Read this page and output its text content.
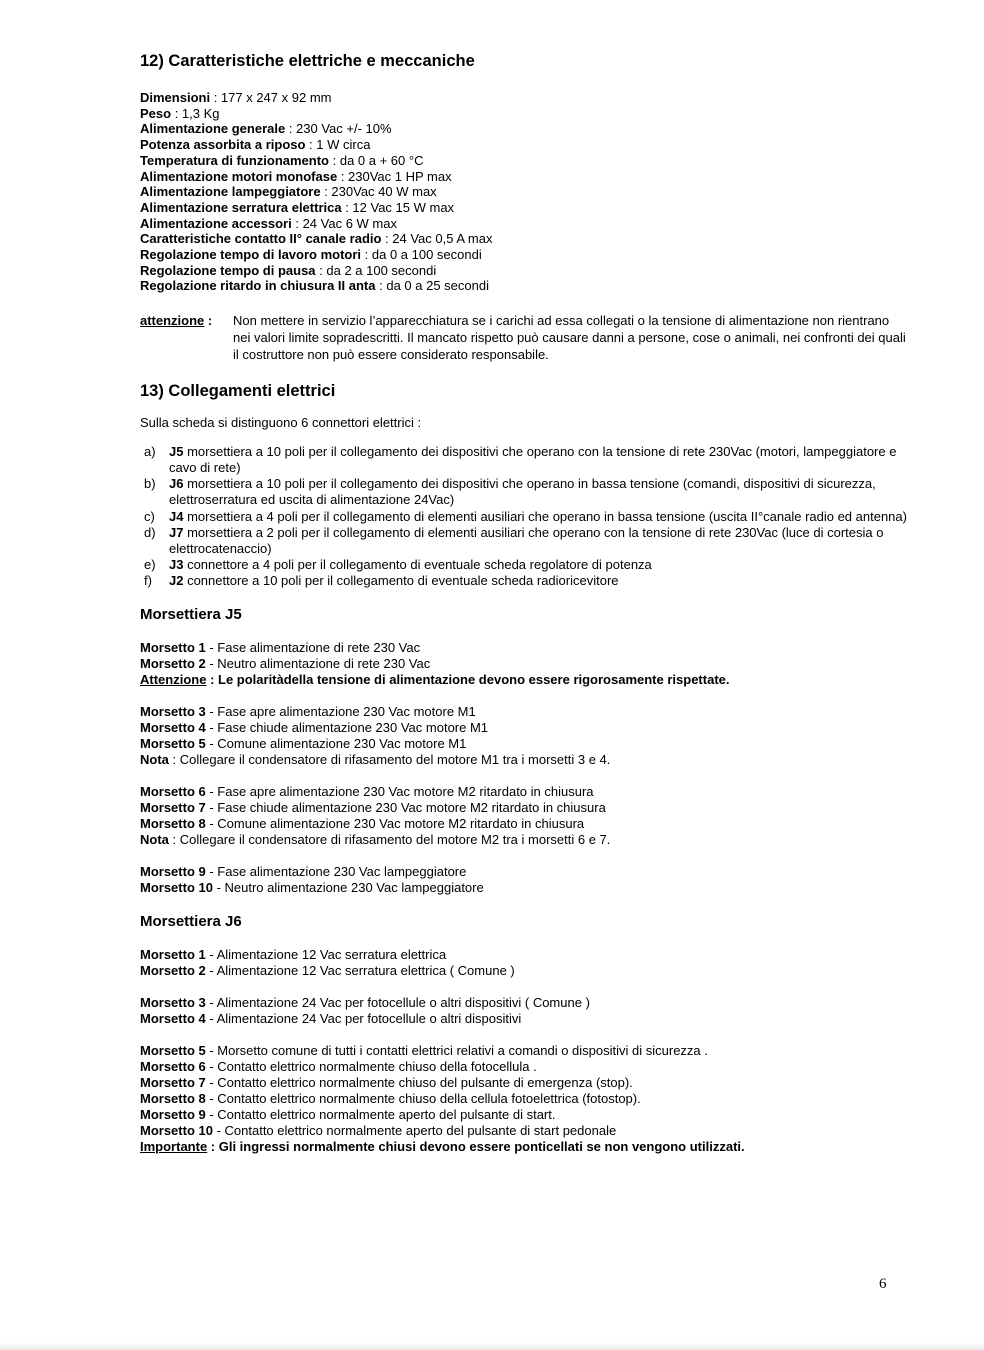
12) Caratteristiche elettriche e meccaniche
Dimensioni : 177 x 247 x 92 mm
Peso : 1,3 Kg
Alimentazione generale : 230 Vac +/- 10%
Potenza assorbita a riposo : 1 W circa
Temperatura di funzionamento : da 0 a + 60 °C
Alimentazione motori monofase : 230Vac 1 HP max
Alimentazione lampeggiatore : 230Vac 40 W max
Alimentazione serratura elettrica : 12 Vac 15 W max
Alimentazione accessori : 24 Vac 6 W max
Caratteristiche contatto II° canale radio : 24 Vac 0,5 A max
Regolazione tempo di lavoro motori : da 0 a 100 secondi
Regolazione tempo di pausa : da 2 a 100 secondi
Regolazione ritardo in chiusura II anta : da 0 a 25 secondi
attenzione :	Non mettere in servizio l’apparecchiatura se i carichi ad essa collegati o la tensione di alimentazione non rientrano nei valori limite sopradescritti. Il mancato rispetto può causare danni a persone, cose o animali, nei confronti dei quali il costruttore non può essere considerato responsabile.
13) Collegamenti elettrici
Sulla scheda si distinguono 6 connettori elettrici :
a)	J5 morsettiera a 10 poli per il collegamento dei dispositivi che operano con la tensione di rete 230Vac (motori, lampeggiatore e cavo di rete)
b)	J6 morsettiera a 10 poli per il collegamento dei dispositivi che operano in bassa tensione (comandi, dispositivi di sicurezza, elettroserratura ed uscita di alimentazione 24Vac)
c)	J4 morsettiera a 4 poli per il collegamento di elementi ausiliari che operano in bassa tensione (uscita II°canale radio ed antenna)
d)	J7 morsettiera a 2 poli per il collegamento di elementi ausiliari che operano con la tensione di rete 230Vac (luce di cortesia o elettrocatenaccio)
e)	J3 connettore a 4 poli per il collegamento di eventuale scheda regolatore di potenza
f)	J2 connettore a 10 poli per il collegamento di eventuale scheda radioricevitore
Morsettiera J5
Morsetto 1 - Fase alimentazione di rete 230 Vac
Morsetto 2 - Neutro alimentazione di rete 230 Vac
Attenzione : Le polaritàdella tensione di alimentazione devono essere rigorosamente rispettate.
Morsetto 3 - Fase apre alimentazione 230 Vac motore M1
Morsetto 4 - Fase chiude alimentazione 230 Vac motore M1
Morsetto 5 - Comune alimentazione 230 Vac motore M1
Nota : Collegare il condensatore di rifasamento del motore M1 tra i morsetti 3 e 4.
Morsetto 6 - Fase apre alimentazione 230 Vac motore M2 ritardato in chiusura
Morsetto 7 - Fase chiude alimentazione 230 Vac motore M2 ritardato in chiusura
Morsetto 8 - Comune alimentazione 230 Vac motore M2 ritardato in chiusura
Nota : Collegare il condensatore di rifasamento del motore M2 tra i morsetti 6 e 7.
Morsetto 9 - Fase alimentazione 230 Vac lampeggiatore
Morsetto 10 - Neutro alimentazione 230 Vac lampeggiatore
Morsettiera J6
Morsetto 1 - Alimentazione 12 Vac serratura elettrica
Morsetto 2 - Alimentazione 12 Vac serratura elettrica ( Comune )
Morsetto 3 - Alimentazione 24 Vac per fotocellule o altri dispositivi ( Comune )
Morsetto 4 - Alimentazione 24 Vac per fotocellule o altri dispositivi
Morsetto 5 - Morsetto comune di tutti i contatti elettrici relativi a comandi o dispositivi di sicurezza .
Morsetto 6 - Contatto elettrico normalmente chiuso della fotocellula .
Morsetto 7 - Contatto elettrico normalmente chiuso del pulsante di emergenza (stop).
Morsetto 8 - Contatto elettrico normalmente chiuso della cellula fotoelettrica (fotostop).
Morsetto 9 - Contatto elettrico normalmente aperto del pulsante di start.
Morsetto 10 - Contatto elettrico normalmente aperto del pulsante di start pedonale
Importante : Gli ingressi normalmente chiusi devono essere ponticellati se non vengono utilizzati.
6
